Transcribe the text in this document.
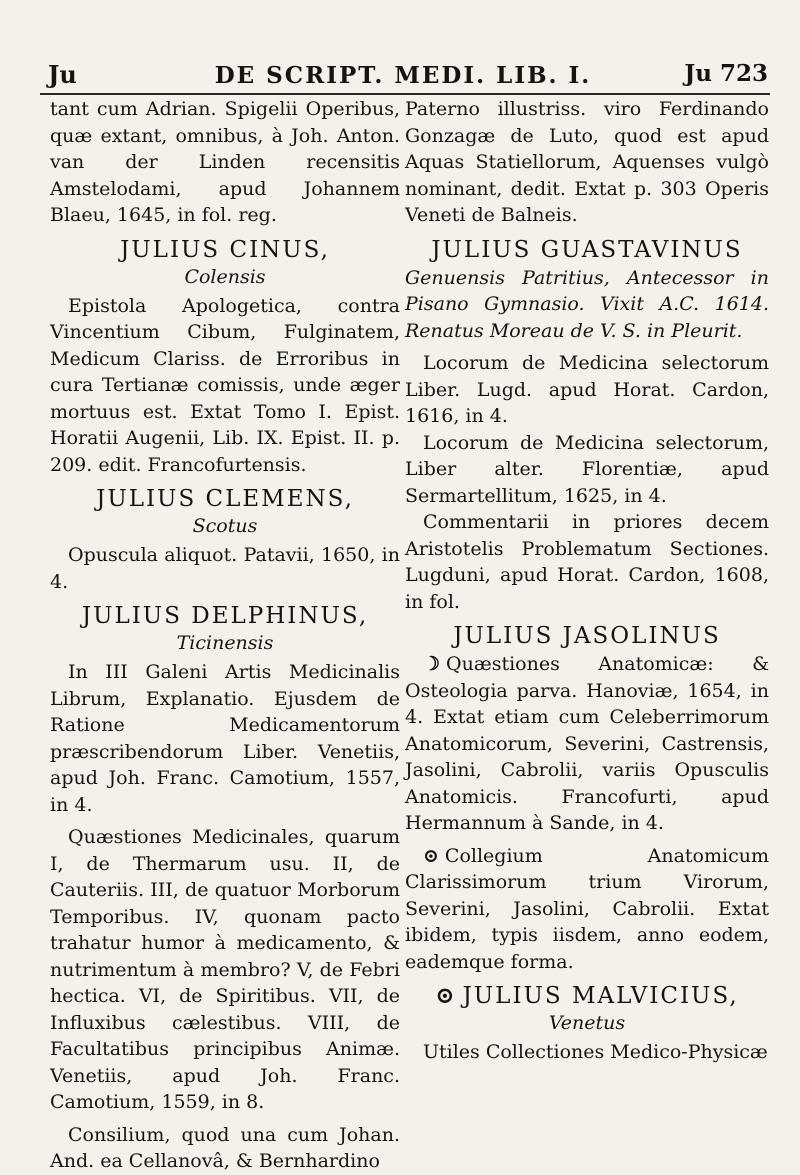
Ju	DE SCRIPT. MEDI. LIB. I.	Ju 723

tant cum Adrian. Spigelii Operibus, quæ extant, omnibus, à Joh. Anton. van der Linden recensitis Amstelodami, apud Johannem Blaeu, 1645, in fol. reg.

JULIUS CINUS,

Colensis

Epistola Apologetica, contra Vincentium Cibum, Fulginatem, Medicum Clariss. de Erroribus in cura Tertianæ comissis, unde æger mortuus est. Extat Tomo I. Epist. Horatii Augenii, Lib. IX. Epist. II. p. 209. edit. Francofurtensis.

JULIUS CLEMENS,

Scotus

Opuscula aliquot. Patavii, 1650, in 4.

JULIUS DELPHINUS,

Ticinensis

In III Galeni Artis Medicinalis Librum, Explanatio. Ejusdem de Ratione Medicamentorum præscribendorum Liber. Venetiis, apud Joh. Franc. Camotium, 1557, in 4.

Quæstiones Medicinales, quarum I, de Thermarum usu. II, de Cauteriis. III, de quatuor Morborum Temporibus. IV, quonam pacto trahatur humor à medicamento, & nutrimentum à membro? V, de Febri hectica. VI, de Spiritibus. VII, de Influxibus cælestibus. VIII, de Facultatibus principibus Animæ. Venetiis, apud Joh. Franc. Camotium, 1559, in 8.

Consilium, quod una cum Johan. And. ea Cellanovâ, & Bernhardino

Paterno illustriss. viro Ferdinando Gonzagæ de Luto, quod est apud Aquas Statiellorum, Aquenses vulgò nominant, dedit. Extat p. 303 Operis Veneti de Balneis.

JULIUS GUASTAVINUS

Genuensis Patritius, Antecessor in Pisano Gymnasio. Vixit A.C. 1614. Renatus Moreau de V. S. in Pleurit.

Locorum de Medicina selectorum Liber. Lugd. apud Horat. Cardon, 1616, in 4.

Locorum de Medicina selectorum, Liber alter. Florentiæ, apud Sermartellitum, 1625, in 4.

Commentarii in priores decem Aristotelis Problematum Sectiones. Lugduni, apud Horat. Cardon, 1608, in fol.

JULIUS JASOLINUS

☽ Quæstiones Anatomicæ: & Osteologia parva. Hanoviæ, 1654, in 4. Extat etiam cum Celeberrimorum Anatomicorum, Severini, Castrensis, Jasolini, Cabrolii, variis Opusculis Anatomicis. Francofurti, apud Hermannum à Sande, in 4.

⊙ Collegium Anatomicum Clarissimorum trium Virorum, Severini, Jasolini, Cabrolii. Extat ibidem, typis iisdem, anno eodem, eademque forma.

⊙ JULIUS MALVICIUS,

Venetus

Utiles Collectiones Medico-Physicæ
